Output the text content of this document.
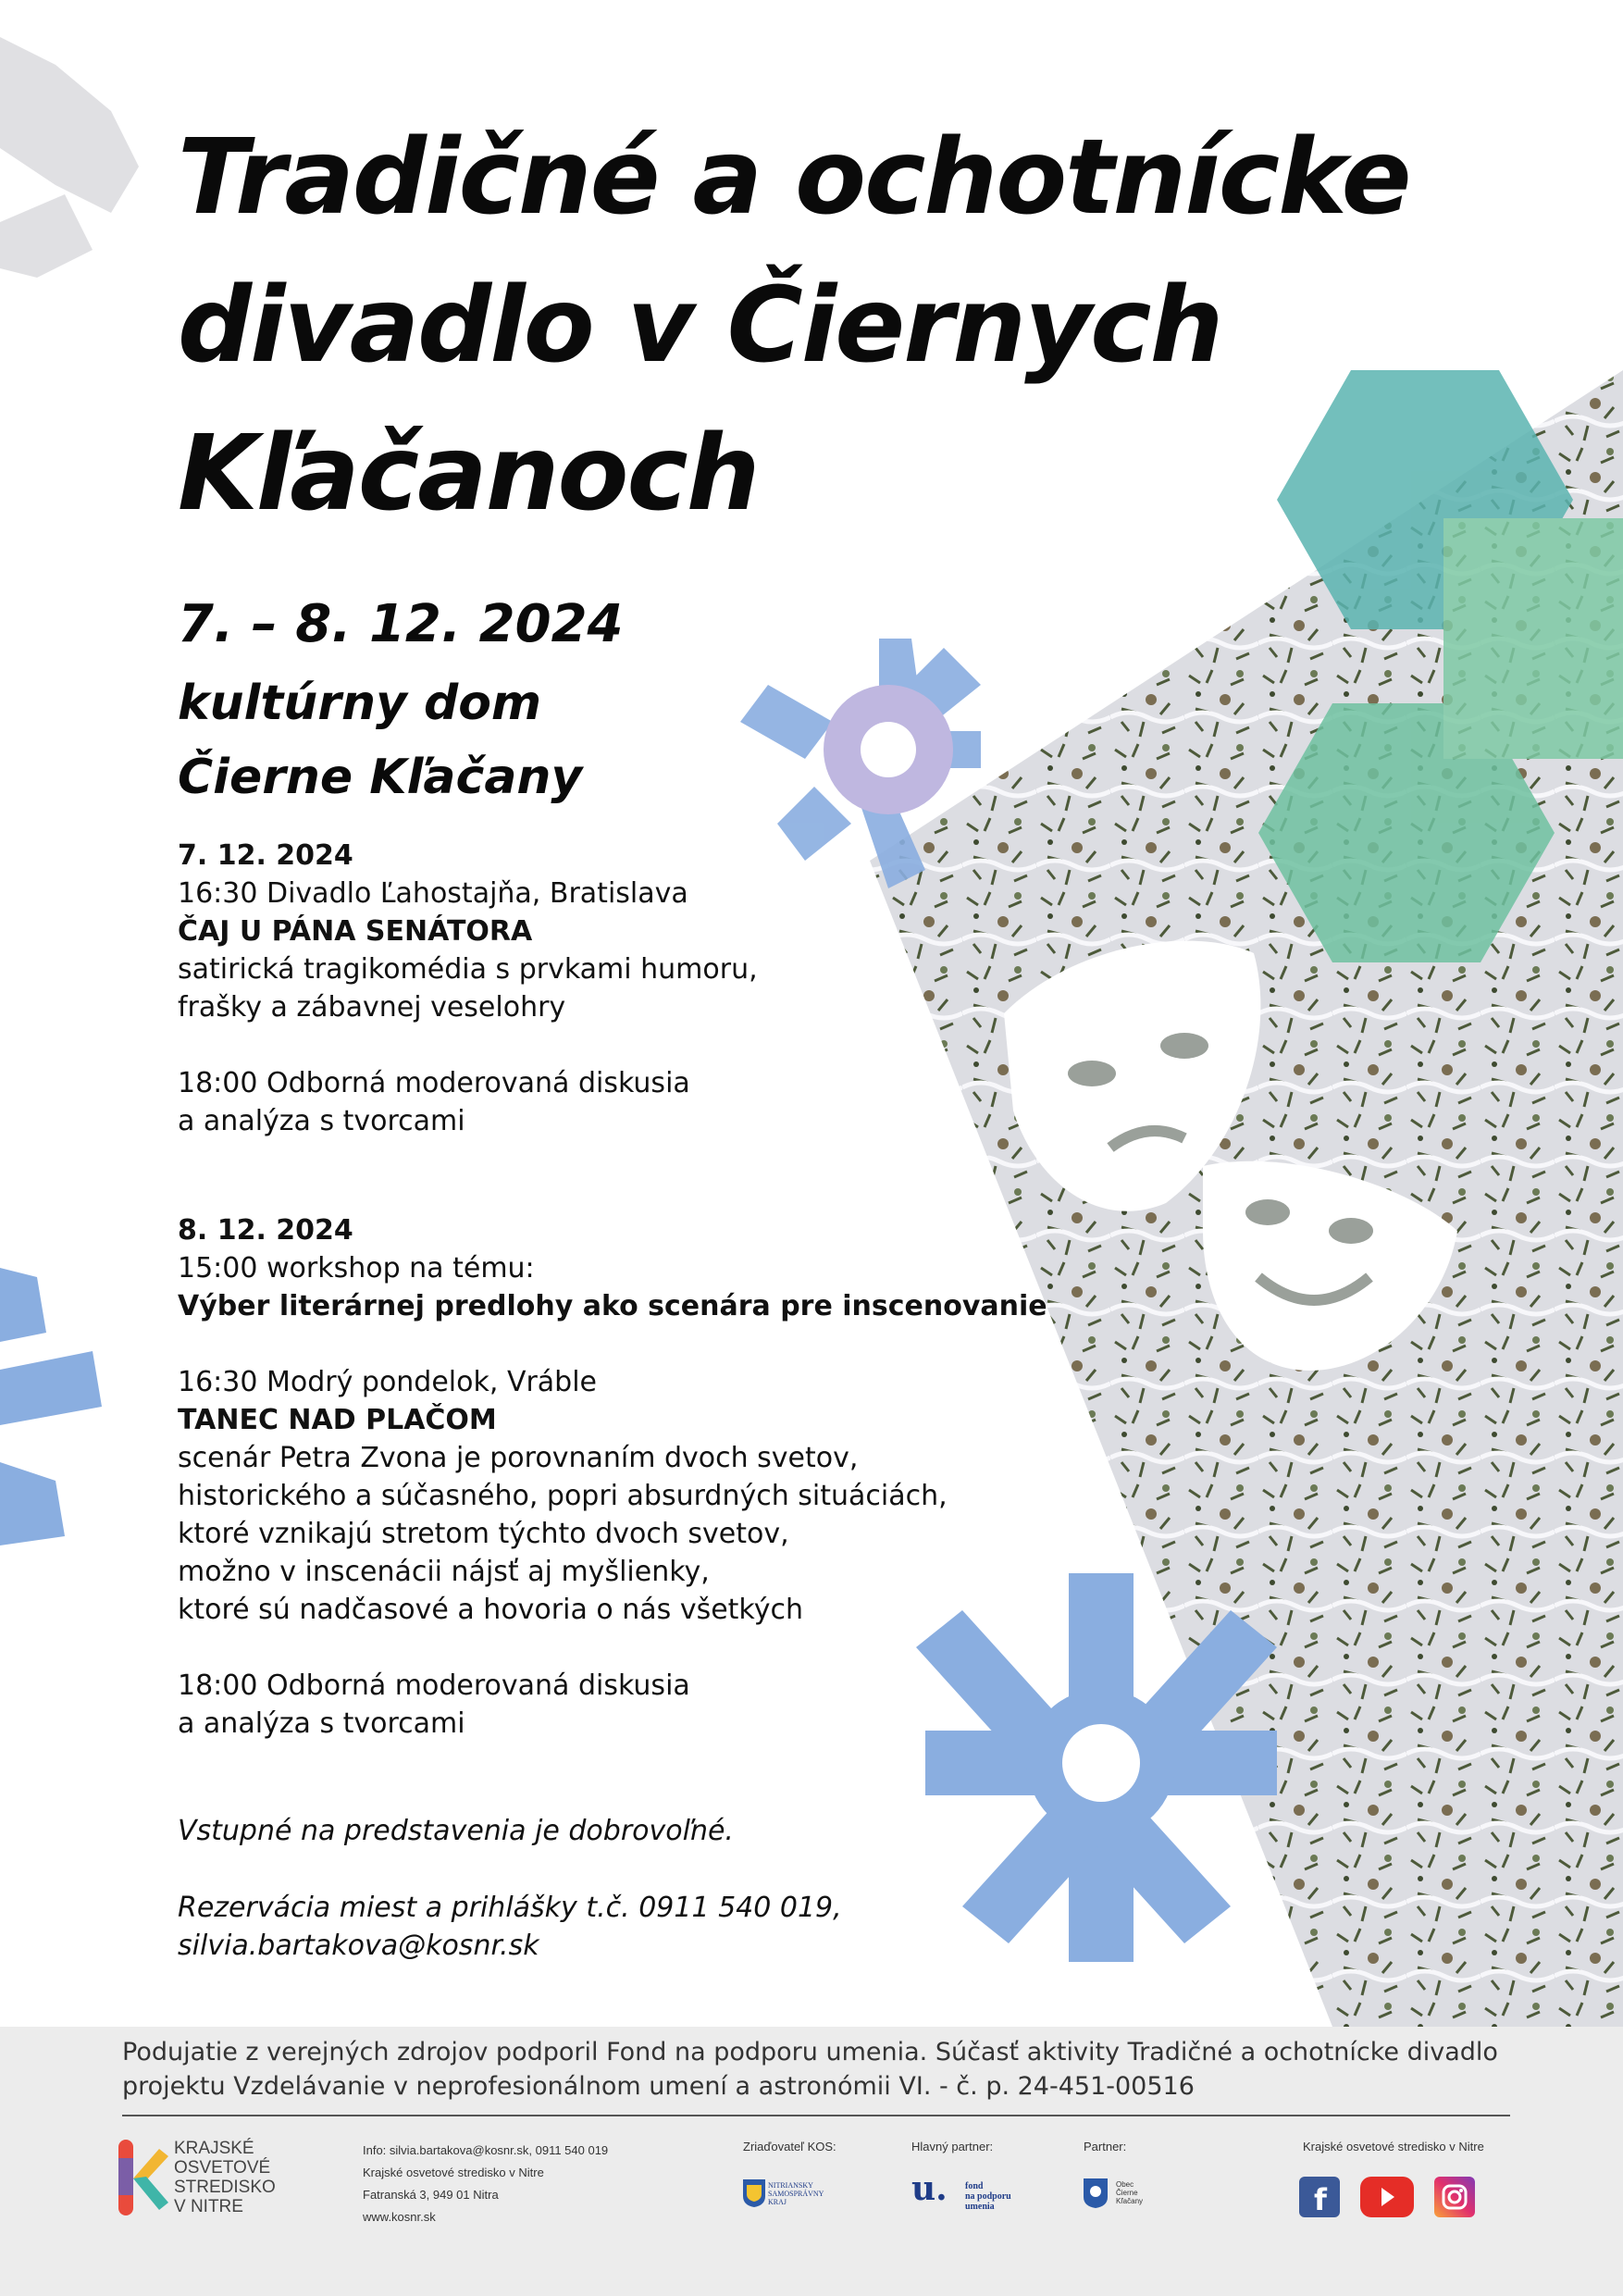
Tradičné a ochotnícke
divadlo v Čiernych
Kľačanoch
7. – 8. 12. 2024
kultúrny dom
Čierne Kľačany
7. 12. 2024
16:30 Divadlo Ľahostajňa, Bratislava
ČAJ U PÁNA SENÁTORA
satirická tragikomédia s prvkami humoru,
frašky a zábavnej veselohry
18:00 Odborná moderovaná diskusia
a analýza s tvorcami
8. 12. 2024
15:00 workshop na tému:
Výber literárnej predlohy ako scenára pre inscenovanie
16:30 Modrý pondelok, Vráble
TANEC NAD PLAČOM
scenár Petra Zvona je porovnaním dvoch svetov,
historického a súčasného, popri absurdných situáciách,
ktoré vznikajú stretom týchto dvoch svetov,
možno v inscenácii nájsť aj myšlienky,
ktoré sú nadčasové a hovoria o nás všetkých
18:00 Odborná moderovaná diskusia
a analýza s tvorcami
Vstupné na predstavenia je dobrovoľné.
Rezervácia miest a prihlášky t.č. 0911 540 019,
silvia.bartakova@kosnr.sk
Podujatie z verejných zdrojov podporil Fond na podporu umenia. Súčasť aktivity Tradičné a ochotnícke divadlo
projektu Vzdelávanie v neprofesionálnom umení a astronómii VI. - č. p. 24-451-00516
KRAJSKÉ
OSVETOVÉ
STREDISKO
V NITRE
Info: silvia.bartakova@kosnr.sk, 0911 540 019
Krajské osvetové stredisko v Nitre
Fatranská 3, 949 01 Nitra
www.kosnr.sk
Zriaďovateľ KOS:
NITRIANSKY
SAMOSPRÁVNY
KRAJ
Hlavný partner:
u. fond
na podporu
umenia
Partner:
Obec
Čierne
Kľačany
Krajské osvetové stredisko v Nitre
f
